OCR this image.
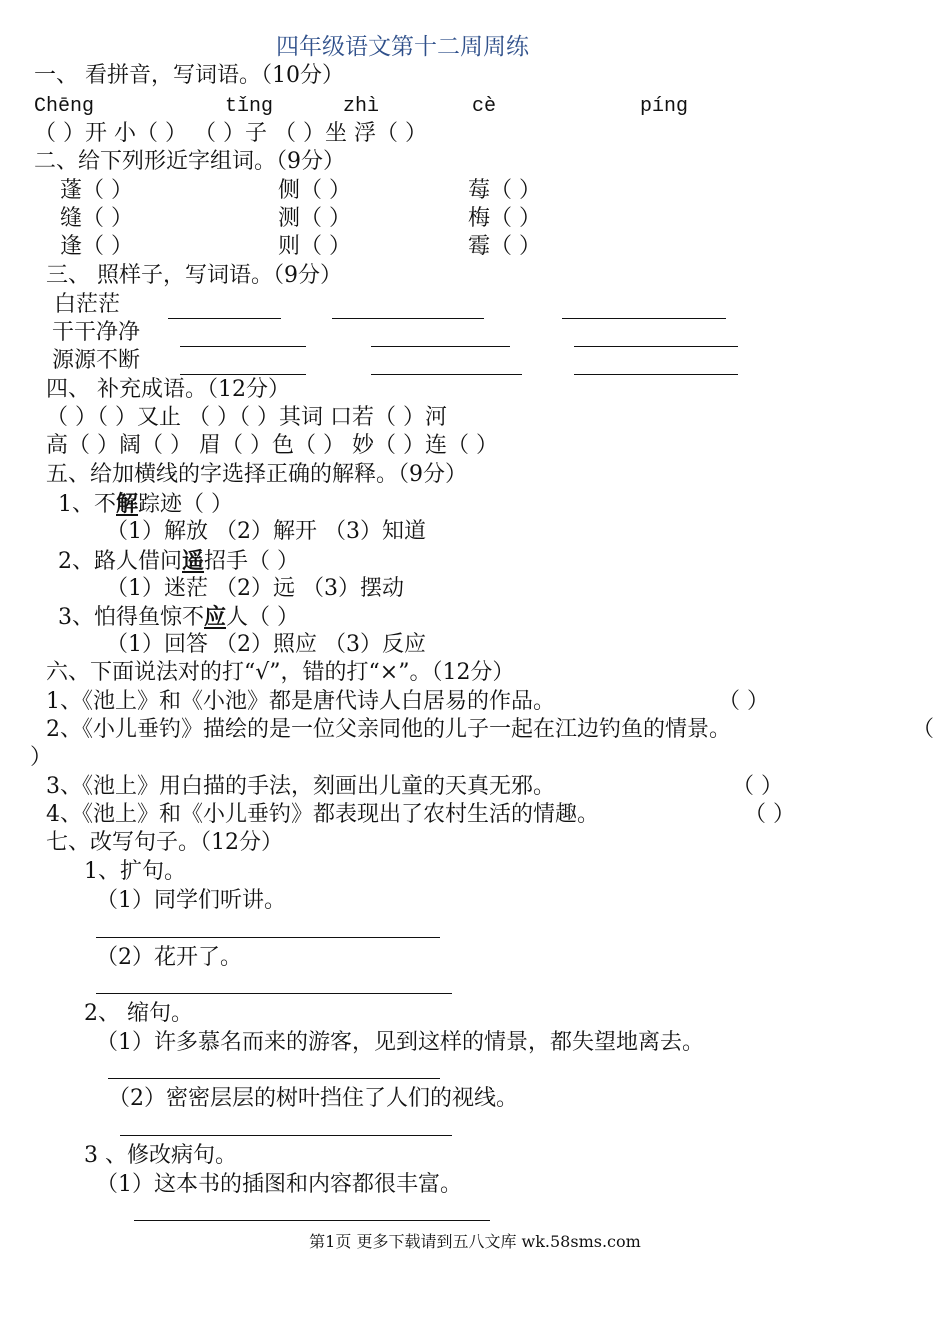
四年级语文第十二周周练
一、 看拼音，写词语。（10分）
Chēng	tǐng	zhì	cè	píng
（ ）开 小（ ） （ ）子 （ ）坐 浮（ ）
二、给下列形近字组词。（9分）
蓬（ ）	侧（ ）	莓（ ）
缝（ ）	测（ ）	梅（ ）
逢（ ）	则（ ）	霉（ ）
三、 照样子，写词语。（9分）
白茫茫
干干净净
源源不断
四、 补充成语。（12分）
（ ）（ ）又止 （ ）（ ）其词 口若（ ）河
高（ ）阔（ ） 眉（ ）色（ ） 妙（ ）连（ ）
五、给加横线的字选择正确的解释。（9分）
1、不解踪迹（ ）
（1）解放 （2）解开 （3）知道
2、路人借问遥招手（ ）
（1）迷茫 （2）远 （3）摆动
3、怕得鱼惊不应人（ ）
（1）回答 （2）照应 （3）反应
六、下面说法对的打“√”，错的打“×”。（12分）
1、《池上》和《小池》都是唐代诗人白居易的作品。	（ ）
2、《小儿垂钓》描绘的是一位父亲同他的儿子一起在江边钓鱼的情景。	（
）
3、《池上》用白描的手法，刻画出儿童的天真无邪。	（ ）
4、《池上》和《小儿垂钓》都表现出了农村生活的情趣。	（ ）
七、改写句子。（12分）
1、扩句。
（1）同学们听讲。
（2）花开了。
2、 缩句。
（1）许多慕名而来的游客，见到这样的情景，都失望地离去。
（2）密密层层的树叶挡住了人们的视线。
3 、修改病句。
（1）这本书的插图和内容都很丰富。
第1页 更多下载请到五八文库 wk.58sms.com
